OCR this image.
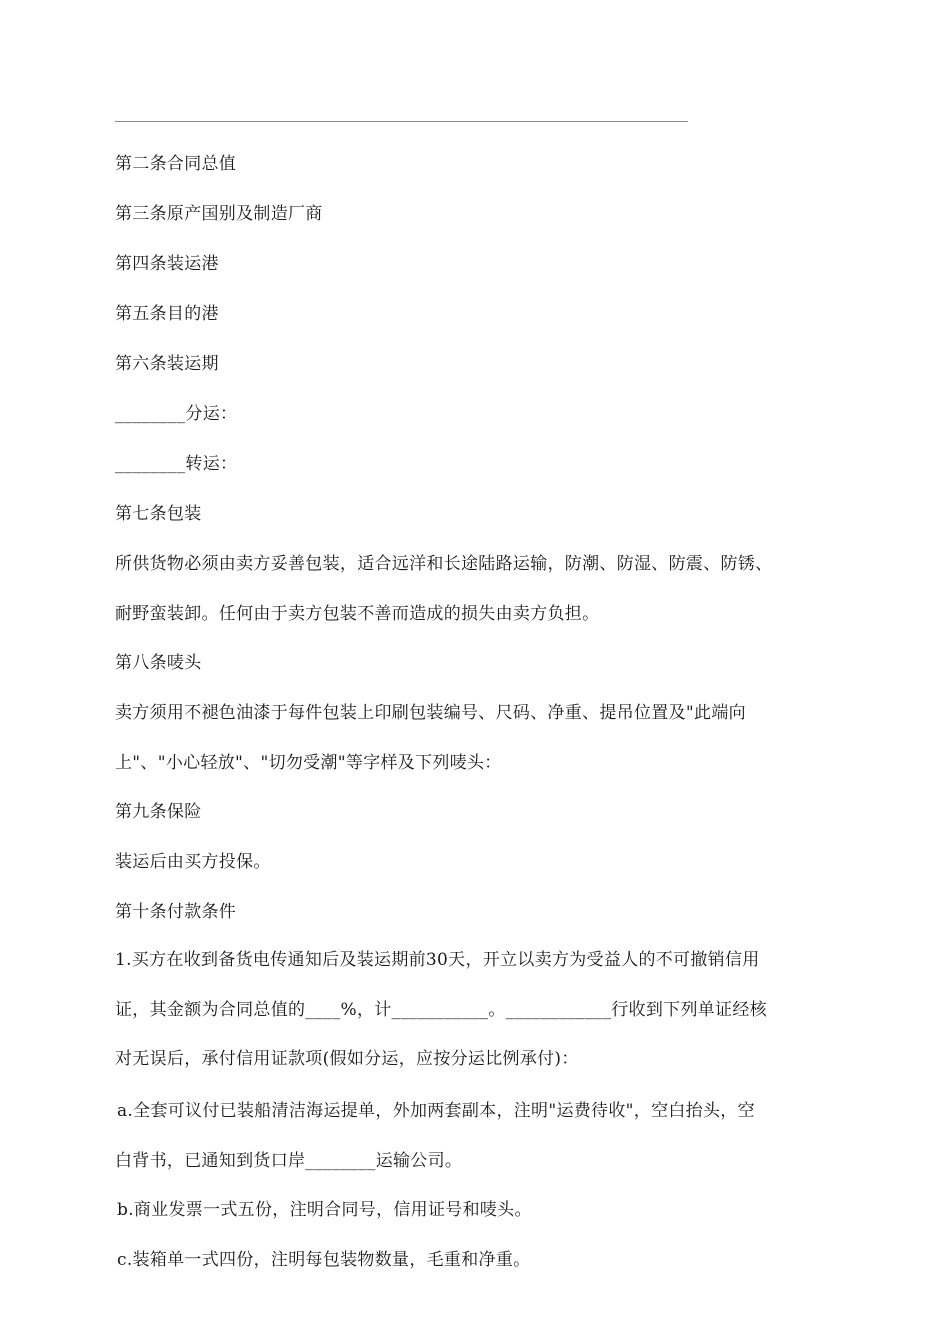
第二条合同总值
第三条原产国别及制造厂商
第四条装运港
第五条目的港
第六条装运期
________分运：
________转运：
第七条包装
所供货物必须由卖方妥善包装，适合远洋和长途陆路运输，防潮、防湿、防震、防锈、
耐野蛮装卸。任何由于卖方包装不善而造成的损失由卖方负担。
第八条唛头
卖方须用不褪色油漆于每件包装上印刷包装编号、尺码、净重、提吊位置及"此端向
上"、"小心轻放"、"切勿受潮"等字样及下列唛头：
第九条保险
装运后由买方投保。
第十条付款条件
1.买方在收到备货电传通知后及装运期前30天，开立以卖方为受益人的不可撤销信用
证，其金额为合同总值的____%，计___________。____________行收到下列单证经核
对无误后，承付信用证款项(假如分运，应按分运比例承付)：
a.全套可议付已装船清洁海运提单，外加两套副本，注明"运费待收"，空白抬头，空
白背书，已通知到货口岸________运输公司。
b.商业发票一式五份，注明合同号，信用证号和唛头。
c.装箱单一式四份，注明每包装物数量，毛重和净重。
